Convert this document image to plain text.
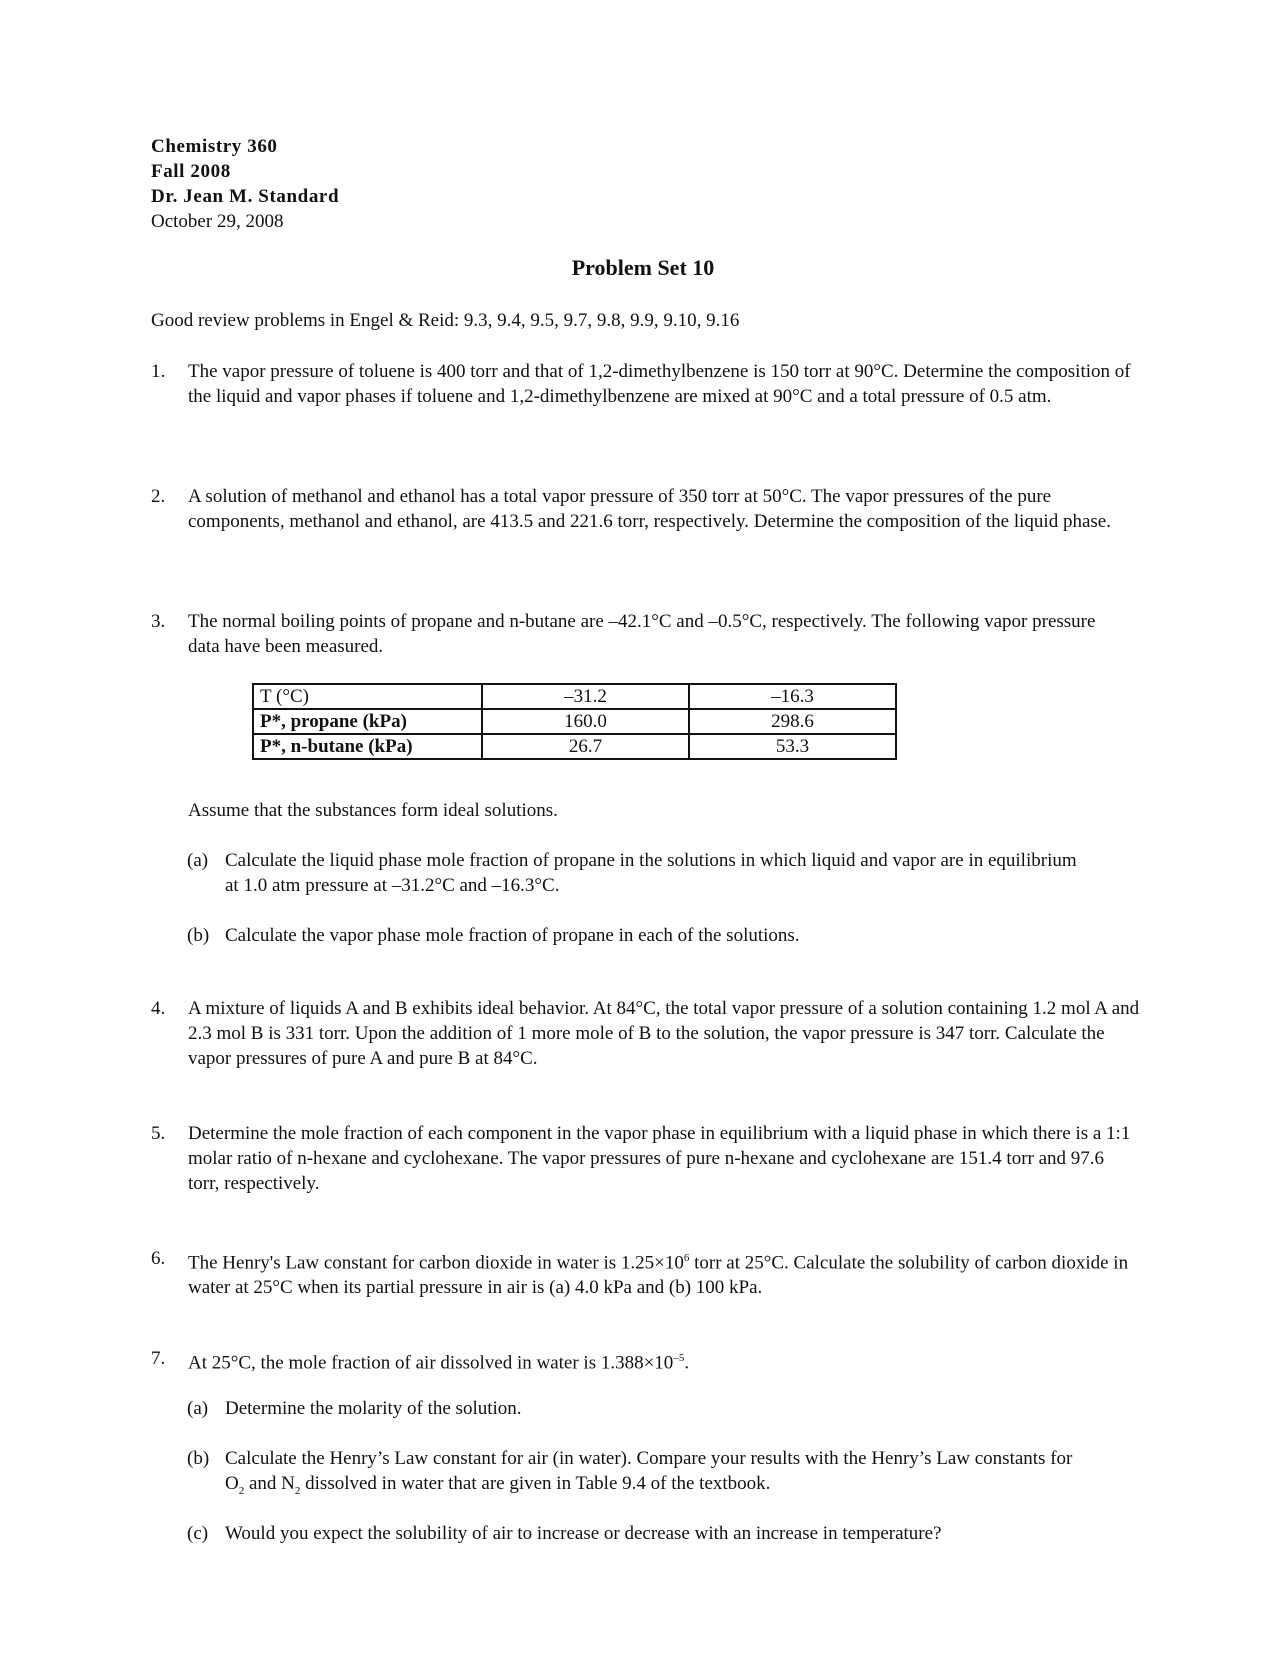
Chemistry 360
Fall 2008
Dr. Jean M. Standard
October 29, 2008
Problem Set 10
Good review problems in Engel & Reid: 9.3, 9.4, 9.5, 9.7, 9.8, 9.9, 9.10, 9.16
1. The vapor pressure of toluene is 400 torr and that of 1,2-dimethylbenzene is 150 torr at 90°C. Determine the composition of the liquid and vapor phases if toluene and 1,2-dimethylbenzene are mixed at 90°C and a total pressure of 0.5 atm.
2. A solution of methanol and ethanol has a total vapor pressure of 350 torr at 50°C. The vapor pressures of the pure components, methanol and ethanol, are 413.5 and 221.6 torr, respectively. Determine the composition of the liquid phase.
3. The normal boiling points of propane and n-butane are –42.1°C and –0.5°C, respectively. The following vapor pressure data have been measured.
T (°C)	–31.2	–16.3
P*, propane (kPa)	160.0	298.6
P*, n-butane (kPa)	26.7	53.3
Assume that the substances form ideal solutions.
(a) Calculate the liquid phase mole fraction of propane in the solutions in which liquid and vapor are in equilibrium at 1.0 atm pressure at –31.2°C and –16.3°C.
(b) Calculate the vapor phase mole fraction of propane in each of the solutions.
4. A mixture of liquids A and B exhibits ideal behavior. At 84°C, the total vapor pressure of a solution containing 1.2 mol A and 2.3 mol B is 331 torr. Upon the addition of 1 more mole of B to the solution, the vapor pressure is 347 torr. Calculate the vapor pressures of pure A and pure B at 84°C.
5. Determine the mole fraction of each component in the vapor phase in equilibrium with a liquid phase in which there is a 1:1 molar ratio of n-hexane and cyclohexane. The vapor pressures of pure n-hexane and cyclohexane are 151.4 torr and 97.6 torr, respectively.
6. The Henry's Law constant for carbon dioxide in water is $1.25\times 10^6$ torr at 25°C. Calculate the solubility of carbon dioxide in water at 25°C when its partial pressure in air is (a) 4.0 kPa and (b) 100 kPa.
7. At 25°C, the mole fraction of air dissolved in water is $1.388\times 10^{-5}$.
(a) Determine the molarity of the solution.
(b) Calculate the Henry’s Law constant for air (in water). Compare your results with the Henry’s Law constants for $O_2$ and $N_2$ dissolved in water that are given in Table 9.4 of the textbook.
(c) Would you expect the solubility of air to increase or decrease with an increase in temperature?
